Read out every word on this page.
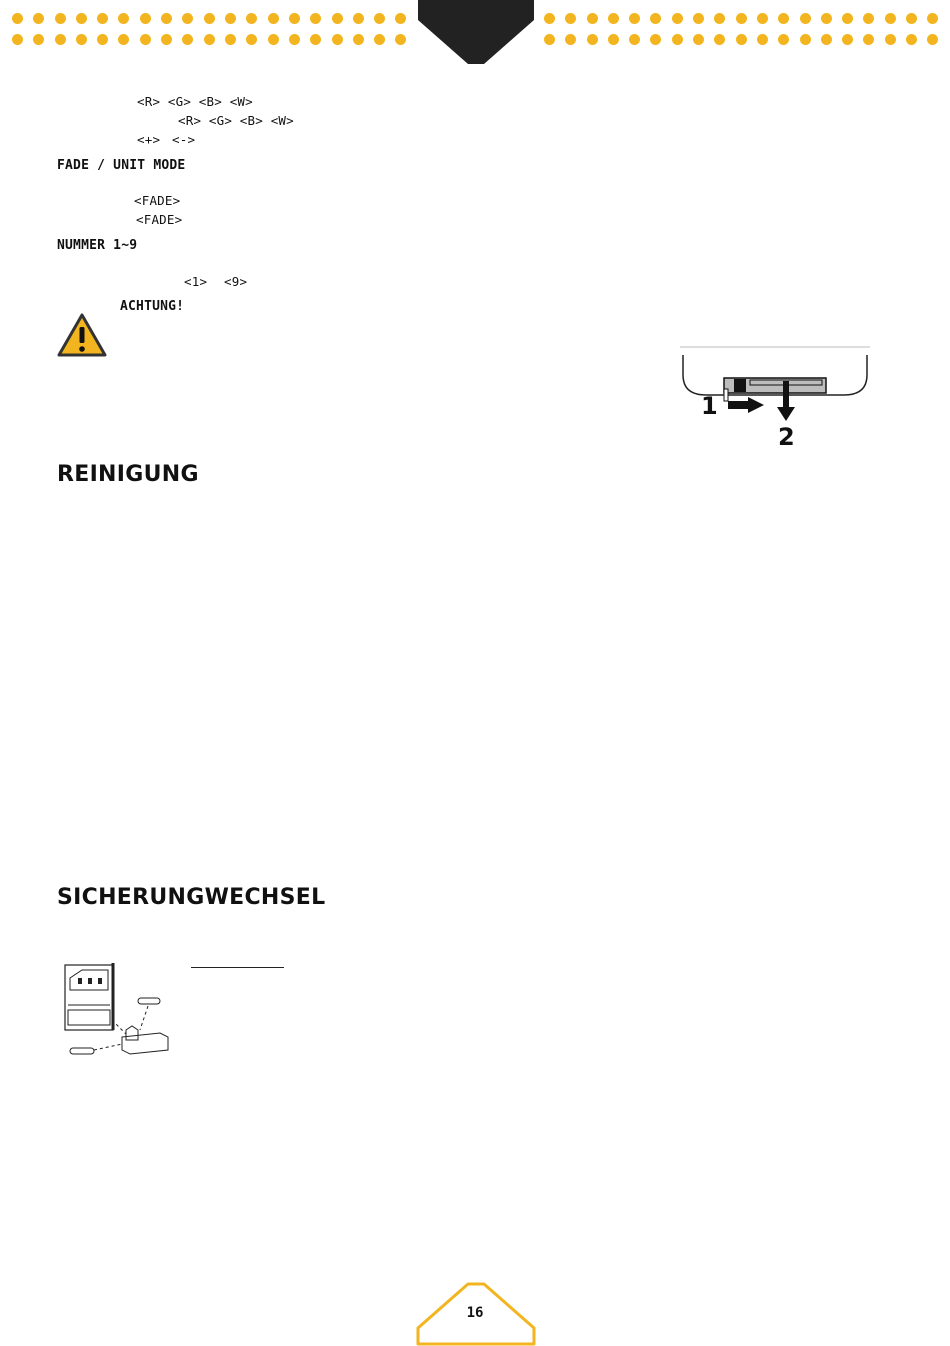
<R> <G> <B> <W>
<R> <G> <B> <W>
<+> <->
FADE / UNIT MODE
<FADE>
<FADE>
NUMMER 1~9
<1> <9>
ACHTUNG!
1
2
REINIGUNG
SICHERUNGWECHSEL
16
